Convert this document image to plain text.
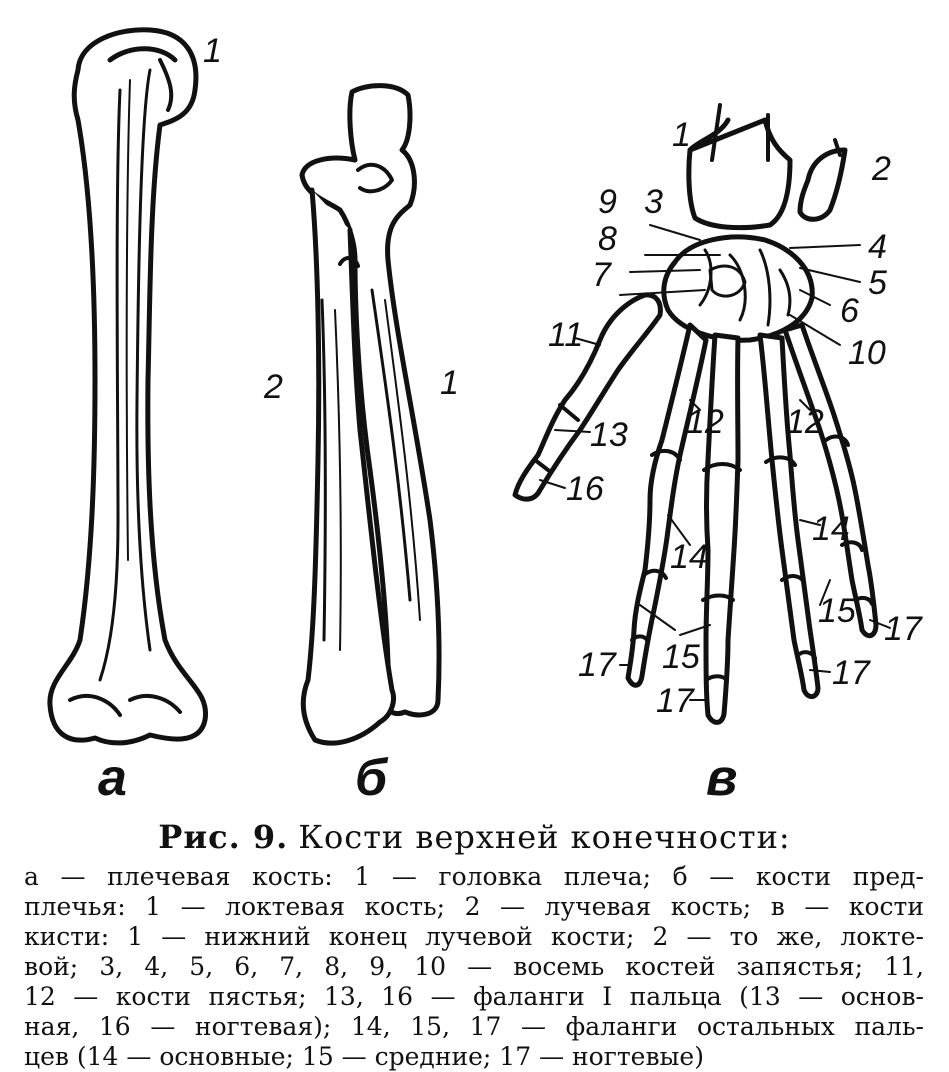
1
а
2	1
б
1
2
9 3
8	4
7	5
6
10
11
12 12
13
16
14
14
15
15
17
17
17
17
в
Рис. 9. Кости верхней конечности:
а — плечевая кость: 1 — головка плеча; б — кости пред-
плечья: 1 — локтевая кость; 2 — лучевая кость; в — кости
кисти: 1 — нижний конец лучевой кости; 2 — то же, локте-
вой; 3, 4, 5, 6, 7, 8, 9, 10 — восемь костей запястья; 11,
12 — кости пястья; 13, 16 — фаланги I пальца (13 — основ-
ная, 16 — ногтевая); 14, 15, 17 — фаланги остальных паль-
цев (14 — основные; 15 — средние; 17 — ногтевые)
